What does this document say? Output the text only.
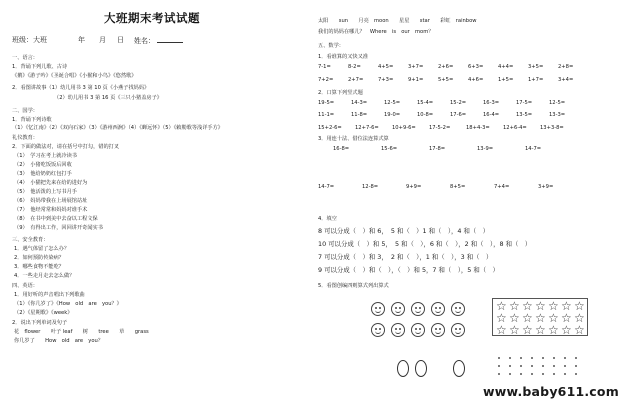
大班期末考试试题
班级：大班	年 月 日 姓名：
一、语言：
1．背诵下列儿歌、古诗
《鹅》《游子吟》《圣诞合唱》《小猴和小鸟》《悠然歌》
2．看图讲故事（1）幼儿用书 3 第 10 页《小燕子找妈妈》
（2）幼儿用书 3 第 16 页《三只小猪盖房子》
二、国学：
1．背诵下列诗歌
（1）《忆江南》（2）《双向石家》（3）《游州西涧》（4）《蝉远怀》（5）《敕勒歌等浅详手方》
礼仪教育：
2．下面的做法对，请在括号中打勾，错的打叉
（1）　学习在考上就冷读书
（2）　小猪吃饭饭后回收
（3）　他给奶奶红包打手
（4）　小猫把先来在给的进好为
（5）　他活泼的上写书月手
（6）　妈妈带我在上场展馆站址
（7）　他经常常和妈妈对谁手术
（8）　在书中到美中去奋以工程文保
（9）　有得出工作，回回讲开奇闻实书
三、安全教育：
1．遇气体留了怎么办？
2．如何预防传染病？
3．哪些食物不能吃？
4．一些走月走去怎么做？
四、英语：
1．用好听的声音唱出下列歌曲
（1）《你几岁了》《How　old　are　you？》
（2）《星期歌》《week》
2．说出下列单词及句子
花　flower　　叶子 leaf　　树　　tree　　草　　grass
你几岁了　　How　old　are　you？
太阳　　sun　　月亮　moon　　星星　　star　　彩虹　rainbow
我们的妈妈在哪儿？　Where　is　our　mom？
五、数学：
1．看谁算的又快又准
7-1=	8-2=	4+5=	3+7=	2+6=	6+3=	4+4=	3+5=	2+8=
7+2=	2+7=	7+3=	9+1=	5+5=	4+6=	1+5=	1+7=	3+4=
2．口算下列竖式题
19-5=	14-3=	12-5=	15-4=	15-2=	16-3=	17-5=	12-5=
11-1=	11-8=	19-0=	10-8=	17-6=	16-4=	13-5=	13-3=
15+2-6=	12+7-6=	10+9-6=	17-5-2=	18+4-3=	12+6-4=	13+3-8=
3．用连十法、借位法连算式算
16-8=	15-6=	17-8=	13-9=	14-7=
14-7=	12-8=	9+9=	8+5=	7+4=	3+9=
4．填空
8 可以分成（　）和 6，　5 和（　）1 和（　），4 和（　）
10 可以分成（　）和 5，　5 和（　），6 和（　），2 和（　），8 和（　）
7 可以分成（　）和 3，　2 和（　），1 和（　），3 和（　）
9 可以分成（　）和（　），（　）和 5，7 和（　），5 和（　）
5．看图创编四则算式列出算式
☆ ☆ ☆ ☆ ☆ ☆ ☆
☆ ☆ ☆ ☆ ☆ ☆ ☆
☆ ☆ ☆ ☆ ☆ ☆ ☆
www.baby611.com
